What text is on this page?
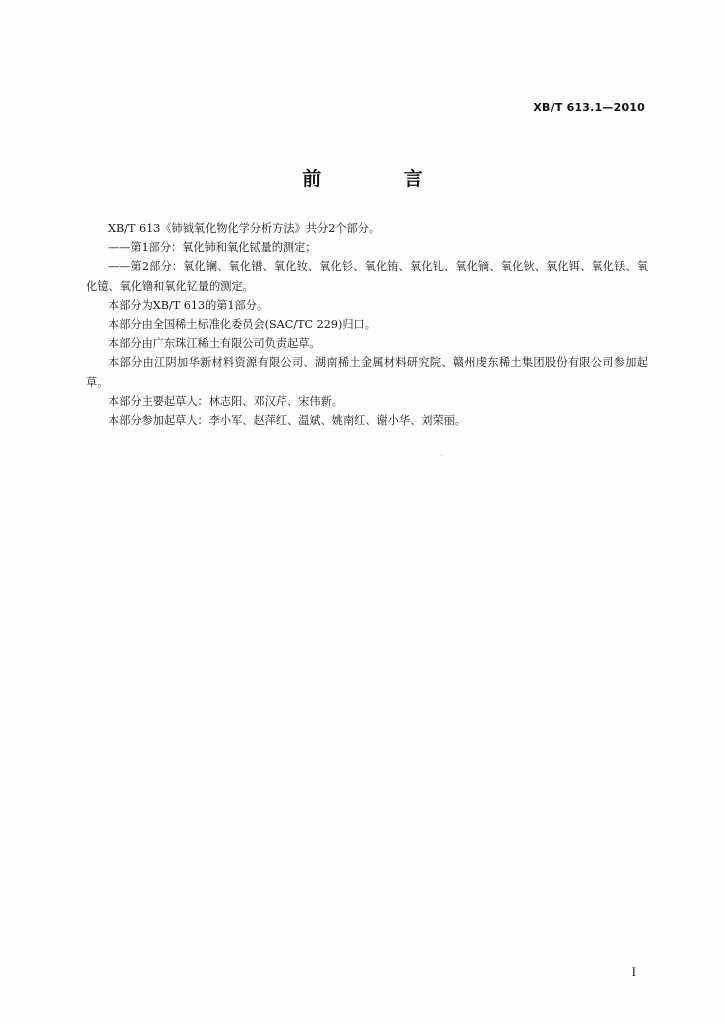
XB/T 613.1—2010
前 言

XB/T 613《铈钺氧化物化学分析方法》共分2个部分。

——第1部分：氧化铈和氧化铽量的测定；

——第2部分：氧化镧、氧化镨、氧化钕、氧化钐、氧化铕、氧化钆、氧化镝、氧化钬、氧化铒、氧化铥、氧化镱、氧化镥和氧化钇量的测定。

本部分为XB/T 613的第1部分。

本部分由全国稀土标准化委员会(SAC/TC 229)归口。

本部分由广东珠江稀土有限公司负责起草。

本部分由江阴加华新材料资源有限公司、湖南稀土金属材料研究院、赣州虔东稀土集团股份有限公司参加起草。

本部分主要起草人：林志阳、邓汉芹、宋伟新。

本部分参加起草人：李小军、赵萍红、温斌、姚南红、谢小华、刘荣丽。

I
